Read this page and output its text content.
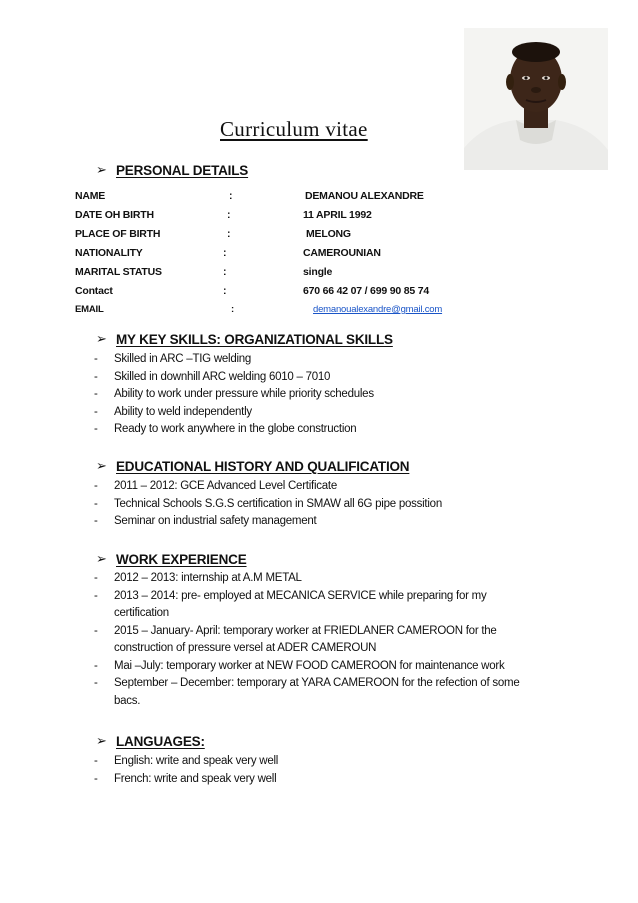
Curriculum vitae
➢ PERSONAL DETAILS
NAME	:	DEMANOU ALEXANDRE
DATE OH BIRTH	:	11 APRIL 1992
PLACE OF BIRTH	:	MELONG
NATIONALITY	:	CAMEROUNIAN
MARITAL STATUS	:	single
Contact	:	670 66 42 07 / 699 90 85 74
EMAIL	:	demanoualexandre@gmail.com
➢ MY KEY SKILLS: ORGANIZATIONAL SKILLS
- Skilled in ARC –TIG welding
- Skilled in downhill ARC welding 6010 – 7010
- Ability to work under pressure while priority schedules
- Ability to weld independently
- Ready to work anywhere in the globe construction
➢ EDUCATIONAL HISTORY AND QUALIFICATION
- 2011 – 2012: GCE Advanced Level Certificate
- Technical Schools S.G.S certification in SMAW all 6G pipe possition
- Seminar on industrial safety management
➢ WORK EXPERIENCE
- 2012 – 2013: internship at A.M METAL
- 2013 – 2014: pre- employed at MECANICA SERVICE while preparing for my certification
- 2015 – January- April: temporary worker at FRIEDLANER CAMEROON for the construction of pressure versel at ADER CAMEROUN
- Mai –July: temporary worker at NEW FOOD CAMEROON for maintenance work
- September – December: temporary at YARA CAMEROON for the refection of some bacs.
➢ LANGUAGES:
- English: write and speak very well
- French: write and speak very well
